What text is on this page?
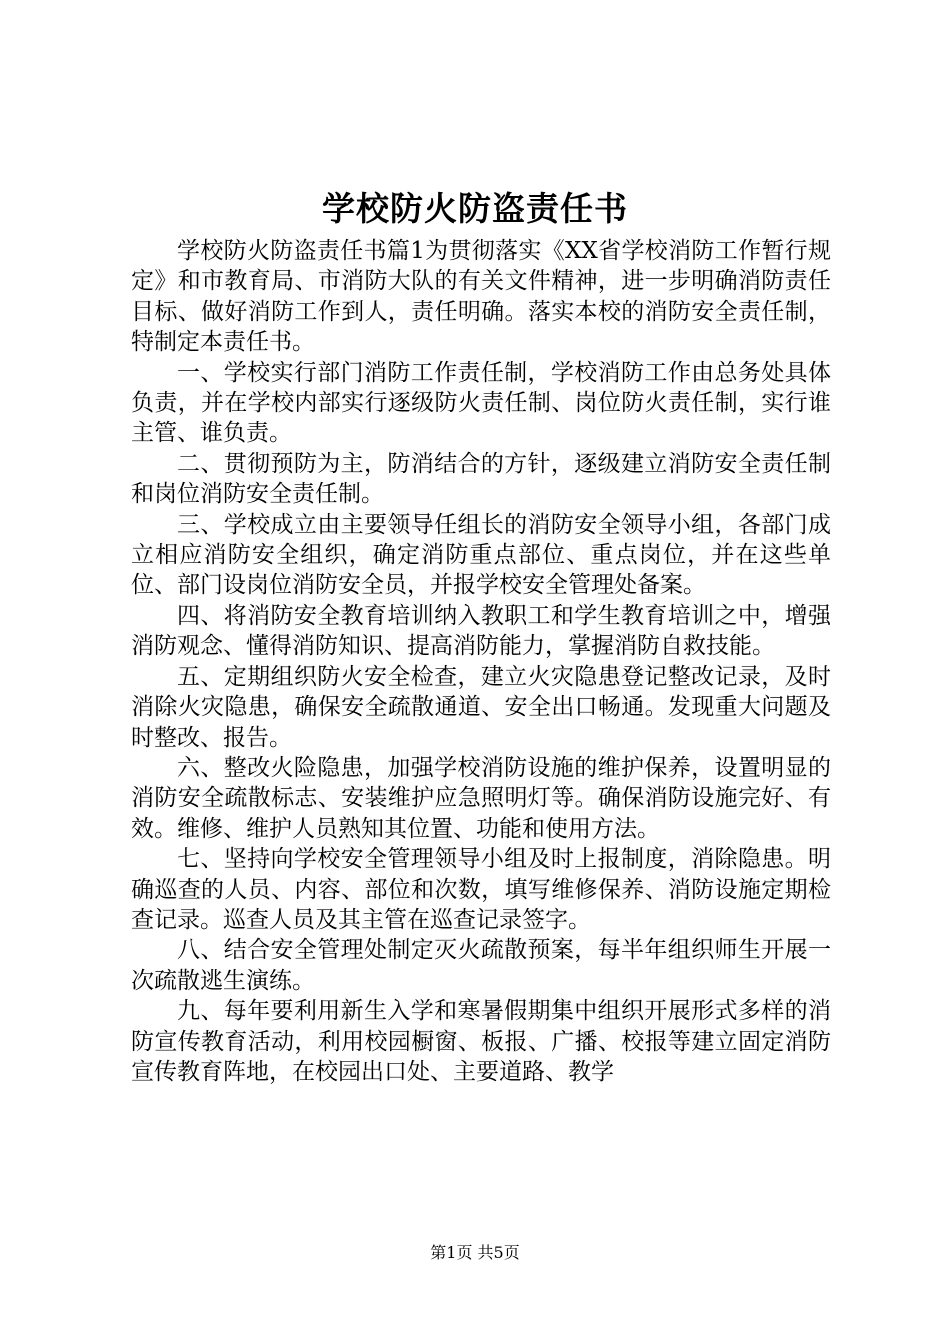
学校防火防盗责任书

学校防火防盗责任书篇1为贯彻落实《XX省学校消防工作暂行规定》和市教育局、市消防大队的有关文件精神，进一步明确消防责任目标、做好消防工作到人，责任明确。落实本校的消防安全责任制，特制定本责任书。

一、学校实行部门消防工作责任制，学校消防工作由总务处具体负责，并在学校内部实行逐级防火责任制、岗位防火责任制，实行谁主管、谁负责。

二、贯彻预防为主，防消结合的方针，逐级建立消防安全责任制和岗位消防安全责任制。

三、学校成立由主要领导任组长的消防安全领导小组，各部门成立相应消防安全组织，确定消防重点部位、重点岗位，并在这些单位、部门设岗位消防安全员，并报学校安全管理处备案。

四、将消防安全教育培训纳入教职工和学生教育培训之中，增强消防观念、懂得消防知识、提高消防能力，掌握消防自救技能。

五、定期组织防火安全检查，建立火灾隐患登记整改记录，及时消除火灾隐患，确保安全疏散通道、安全出口畅通。发现重大问题及时整改、报告。

六、整改火险隐患，加强学校消防设施的维护保养，设置明显的消防安全疏散标志、安装维护应急照明灯等。确保消防设施完好、有效。维修、维护人员熟知其位置、功能和使用方法。

七、坚持向学校安全管理领导小组及时上报制度，消除隐患。明确巡查的人员、内容、部位和次数，填写维修保养、消防设施定期检查记录。巡查人员及其主管在巡查记录签字。

八、结合安全管理处制定灭火疏散预案，每半年组织师生开展一次疏散逃生演练。

九、每年要利用新生入学和寒暑假期集中组织开展形式多样的消防宣传教育活动，利用校园橱窗、板报、广播、校报等建立固定消防宣传教育阵地，在校园出口处、主要道路、教学

第1页 共5页
